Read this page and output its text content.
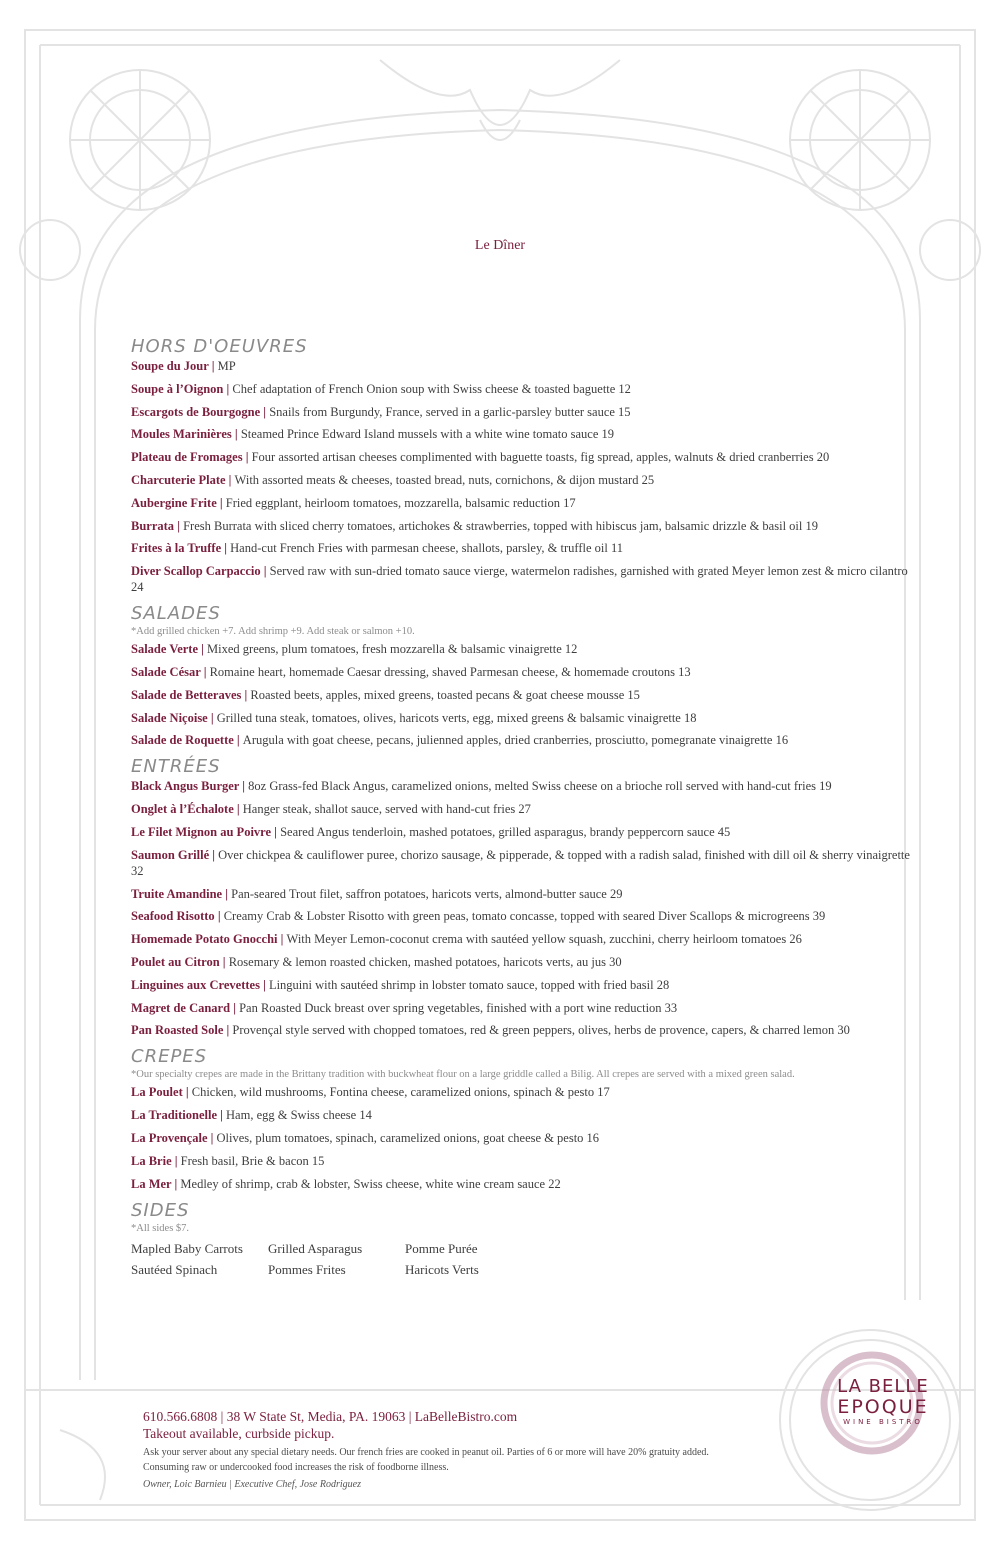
Le Dîner
HORS D'OEUVRES
Soupe du Jour | MP
Soupe à l’Oignon | Chef adaptation of French Onion soup with Swiss cheese & toasted baguette 12
Escargots de Bourgogne | Snails from Burgundy, France, served in a garlic-parsley butter sauce 15
Moules Marinières | Steamed Prince Edward Island mussels with a white wine tomato sauce 19
Plateau de Fromages | Four assorted artisan cheeses complimented with baguette toasts, fig spread, apples, walnuts & dried cranberries 20
Charcuterie Plate | With assorted meats & cheeses, toasted bread, nuts, cornichons, & dijon mustard 25
Aubergine Frite | Fried eggplant, heirloom tomatoes, mozzarella, balsamic reduction 17
Burrata | Fresh Burrata with sliced cherry tomatoes, artichokes & strawberries, topped with hibiscus jam, balsamic drizzle & basil oil 19
Frites à la Truffe | Hand-cut French Fries with parmesan cheese, shallots, parsley, & truffle oil 11
Diver Scallop Carpaccio | Served raw with sun-dried tomato sauce vierge, watermelon radishes, garnished with grated Meyer lemon zest & micro cilantro 24
SALADES

*Add grilled chicken +7. Add shrimp +9. Add steak or salmon +10.

Salade Verte | Mixed greens, plum tomatoes, fresh mozzarella & balsamic vinaigrette 12
Salade César | Romaine heart, homemade Caesar dressing, shaved Parmesan cheese, & homemade croutons 13
Salade de Betteraves | Roasted beets, apples, mixed greens, toasted pecans & goat cheese mousse 15
Salade Niçoise | Grilled tuna steak, tomatoes, olives, haricots verts, egg, mixed greens & balsamic vinaigrette 18
Salade de Roquette | Arugula with goat cheese, pecans, julienned apples, dried cranberries, prosciutto, pomegranate vinaigrette 16
ENTRÉES
Black Angus Burger | 8oz Grass-fed Black Angus, caramelized onions, melted Swiss cheese on a brioche roll served with hand-cut fries 19
Onglet à l’Échalote | Hanger steak, shallot sauce, served with hand-cut fries 27
Le Filet Mignon au Poivre | Seared Angus tenderloin, mashed potatoes, grilled asparagus, brandy peppercorn sauce 45
Saumon Grillé | Over chickpea & cauliflower puree, chorizo sausage, & pipperade, & topped with a radish salad, finished with dill oil & sherry vinaigrette 32
Truite Amandine | Pan-seared Trout filet, saffron potatoes, haricots verts, almond-butter sauce 29
Seafood Risotto | Creamy Crab & Lobster Risotto with green peas, tomato concasse, topped with seared Diver Scallops & microgreens 39
Homemade Potato Gnocchi | With Meyer Lemon-coconut crema with sautéed yellow squash, zucchini, cherry heirloom tomatoes 26
Poulet au Citron | Rosemary & lemon roasted chicken, mashed potatoes, haricots verts, au jus 30
Linguines aux Crevettes | Linguini with sautéed shrimp in lobster tomato sauce, topped with fried basil 28
Magret de Canard | Pan Roasted Duck breast over spring vegetables, finished with a port wine reduction 33
Pan Roasted Sole | Provençal style served with chopped tomatoes, red & green peppers, olives, herbs de provence, capers, & charred lemon 30
CREPES

*Our specialty crepes are made in the Brittany tradition with buckwheat flour on a large griddle called a Bilig. All crepes are served with a mixed green salad.

La Poulet | Chicken, wild mushrooms, Fontina cheese, caramelized onions, spinach & pesto 17
La Traditionelle | Ham, egg & Swiss cheese 14
La Provençale | Olives, plum tomatoes, spinach, caramelized onions, goat cheese & pesto 16
La Brie | Fresh basil, Brie & bacon 15
La Mer | Medley of shrimp, crab & lobster, Swiss cheese, white wine cream sauce 22
SIDES

*All sides $7.

Mapled Baby Carrots	Grilled Asparagus	Pomme Purée
Sautéed Spinach	Pommes Frites	Haricots Verts
610.566.6808 | 38 W State St, Media, PA. 19063 | LaBelleBistro.com
Takeout available, curbside pickup.
Ask your server about any special dietary needs. Our french fries are cooked in peanut oil. Parties of 6 or more will have 20% gratuity added.
Consuming raw or undercooked food increases the risk of foodborne illness.
Owner, Loic Barnieu | Executive Chef, Jose Rodriguez
LA BELLE
EPOQUE
WINE BISTRO
